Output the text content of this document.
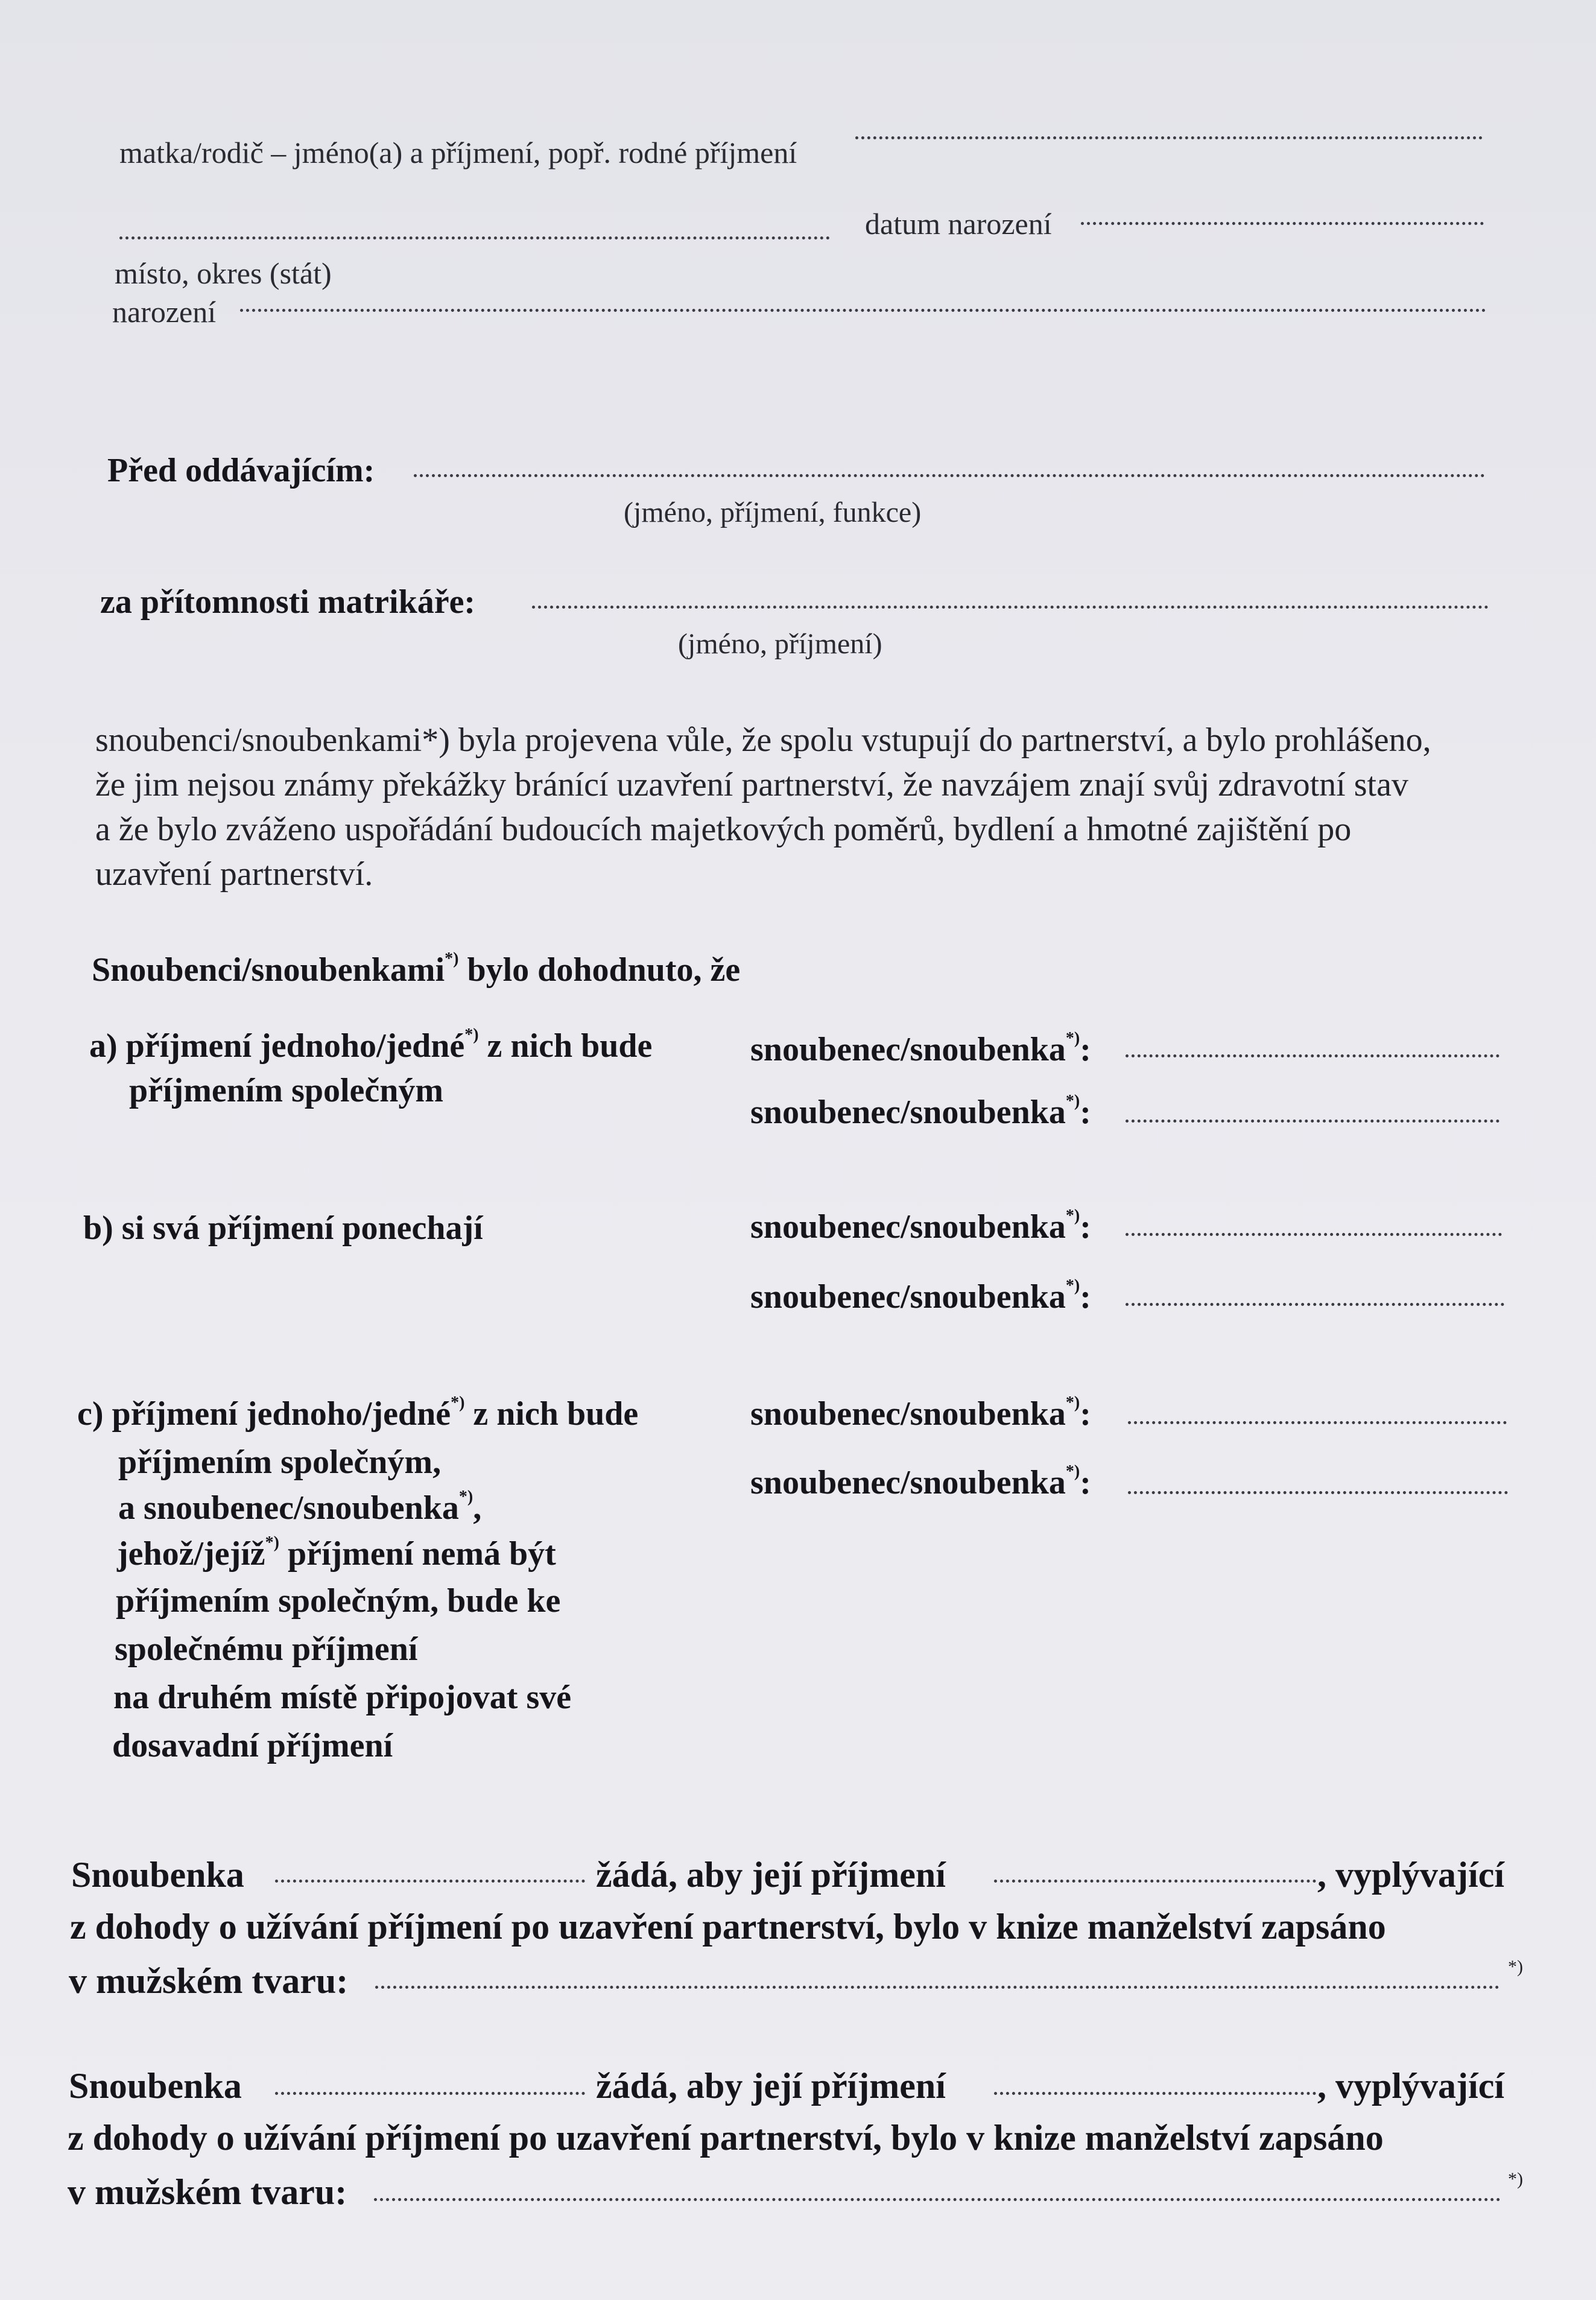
matka/rodič – jméno(a) a příjmení, popř. rodné příjmení
datum narození
místo, okres (stát)
narození
Před oddávajícím:
(jméno, příjmení, funkce)
za přítomnosti matrikáře:
(jméno, příjmení)
snoubenci/snoubenkami*) byla projevena vůle, že spolu vstupují do partnerství, a bylo prohlášeno,
že jim nejsou známy překážky bránící uzavření partnerství, že navzájem znají svůj zdravotní stav
a že bylo zváženo uspořádání budoucích majetkových poměrů, bydlení a hmotné zajištění po
uzavření partnerství.
Snoubenci/snoubenkami*) bylo dohodnuto, že
a) příjmení jednoho/jedné*) z nich bude
příjmením společným
snoubenec/snoubenka*):
snoubenec/snoubenka*):
b) si svá příjmení ponechají	snoubenec/snoubenka*):
snoubenec/snoubenka*):
c) příjmení jednoho/jedné*) z nich bude
příjmením společným,
a snoubenec/snoubenka*),
jehož/jejíž*) příjmení nemá být
příjmením společným, bude ke
společnému příjmení
na druhém místě připojovat své
dosavadní příjmení
snoubenec/snoubenka*):
snoubenec/snoubenka*):
Snoubenka	žádá, aby její příjmení	, vyplývající
z dohody o užívání příjmení po uzavření partnerství, bylo v knize manželství zapsáno
v mužském tvaru:	*)
Snoubenka	žádá, aby její příjmení	, vyplývající
z dohody o užívání příjmení po uzavření partnerství, bylo v knize manželství zapsáno
v mužském tvaru:	*)
